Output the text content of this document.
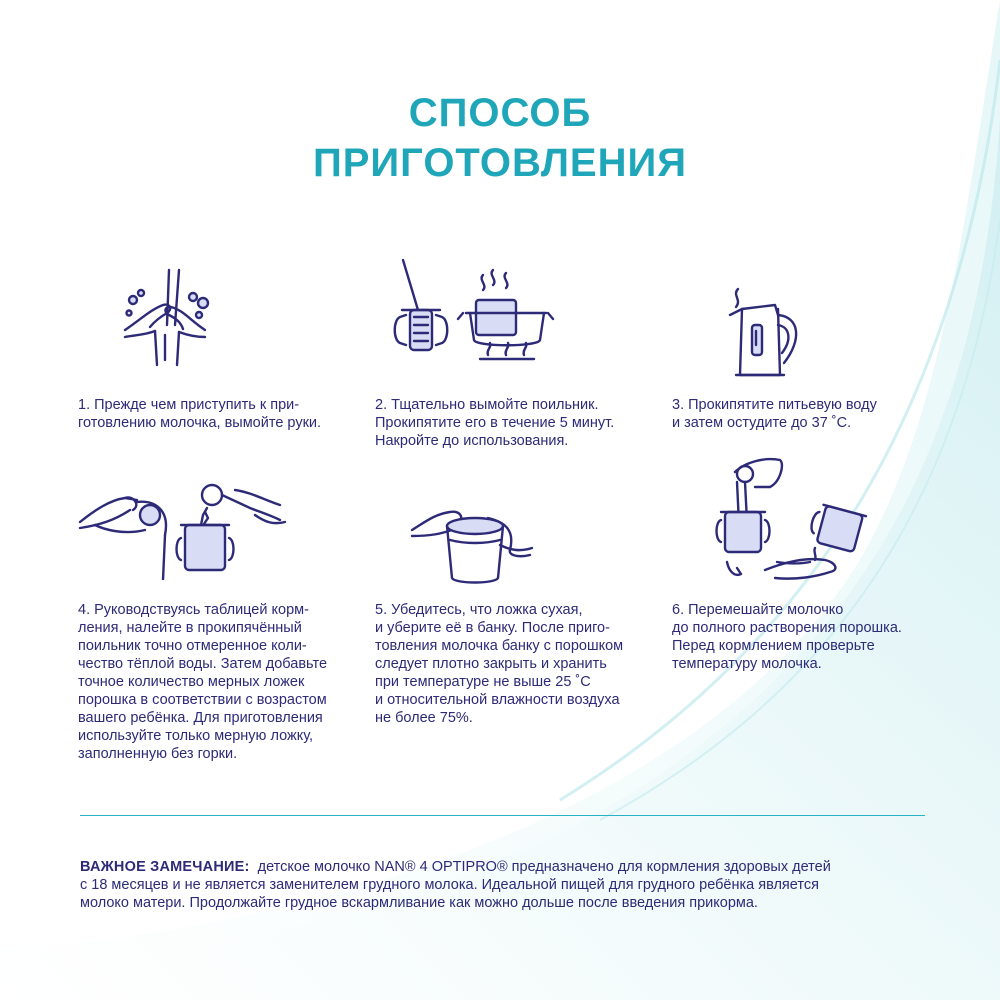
СПОСОБ
ПРИГОТОВЛЕНИЯ
1. Прежде чем приступить к при-
готовлению молочка, вымойте руки.
2. Тщательно вымойте поильник.
Прокипятите его в течение 5 минут.
Накройте до использования.
3. Прокипятите питьевую воду
и затем остудите до 37 ˚С.
4. Руководствуясь таблицей корм-
ления, налейте в прокипячённый
поильник точно отмеренное коли-
чество тёплой воды. Затем добавьте
точное количество мерных ложек
порошка в соответствии с возрастом
вашего ребёнка. Для приготовления
используйте только мерную ложку,
заполненную без горки.
5. Убедитесь, что ложка сухая,
и уберите её в банку. После приго-
товления молочка банку с порошком
следует плотно закрыть и хранить
при температуре не выше 25 ˚С
и относительной влажности воздуха
не более 75%.
6. Перемешайте молочко
до полного растворения порошка.
Перед кормлением проверьте
температуру молочка.
ВАЖНОЕ ЗАМЕЧАНИЕ: детское молочко NAN® 4 OPTIPRO® предназначено для кормления здоровых детей
с 18 месяцев и не является заменителем грудного молока. Идеальной пищей для грудного ребёнка является
молоко матери. Продолжайте грудное вскармливание как можно дольше после введения прикорма.
